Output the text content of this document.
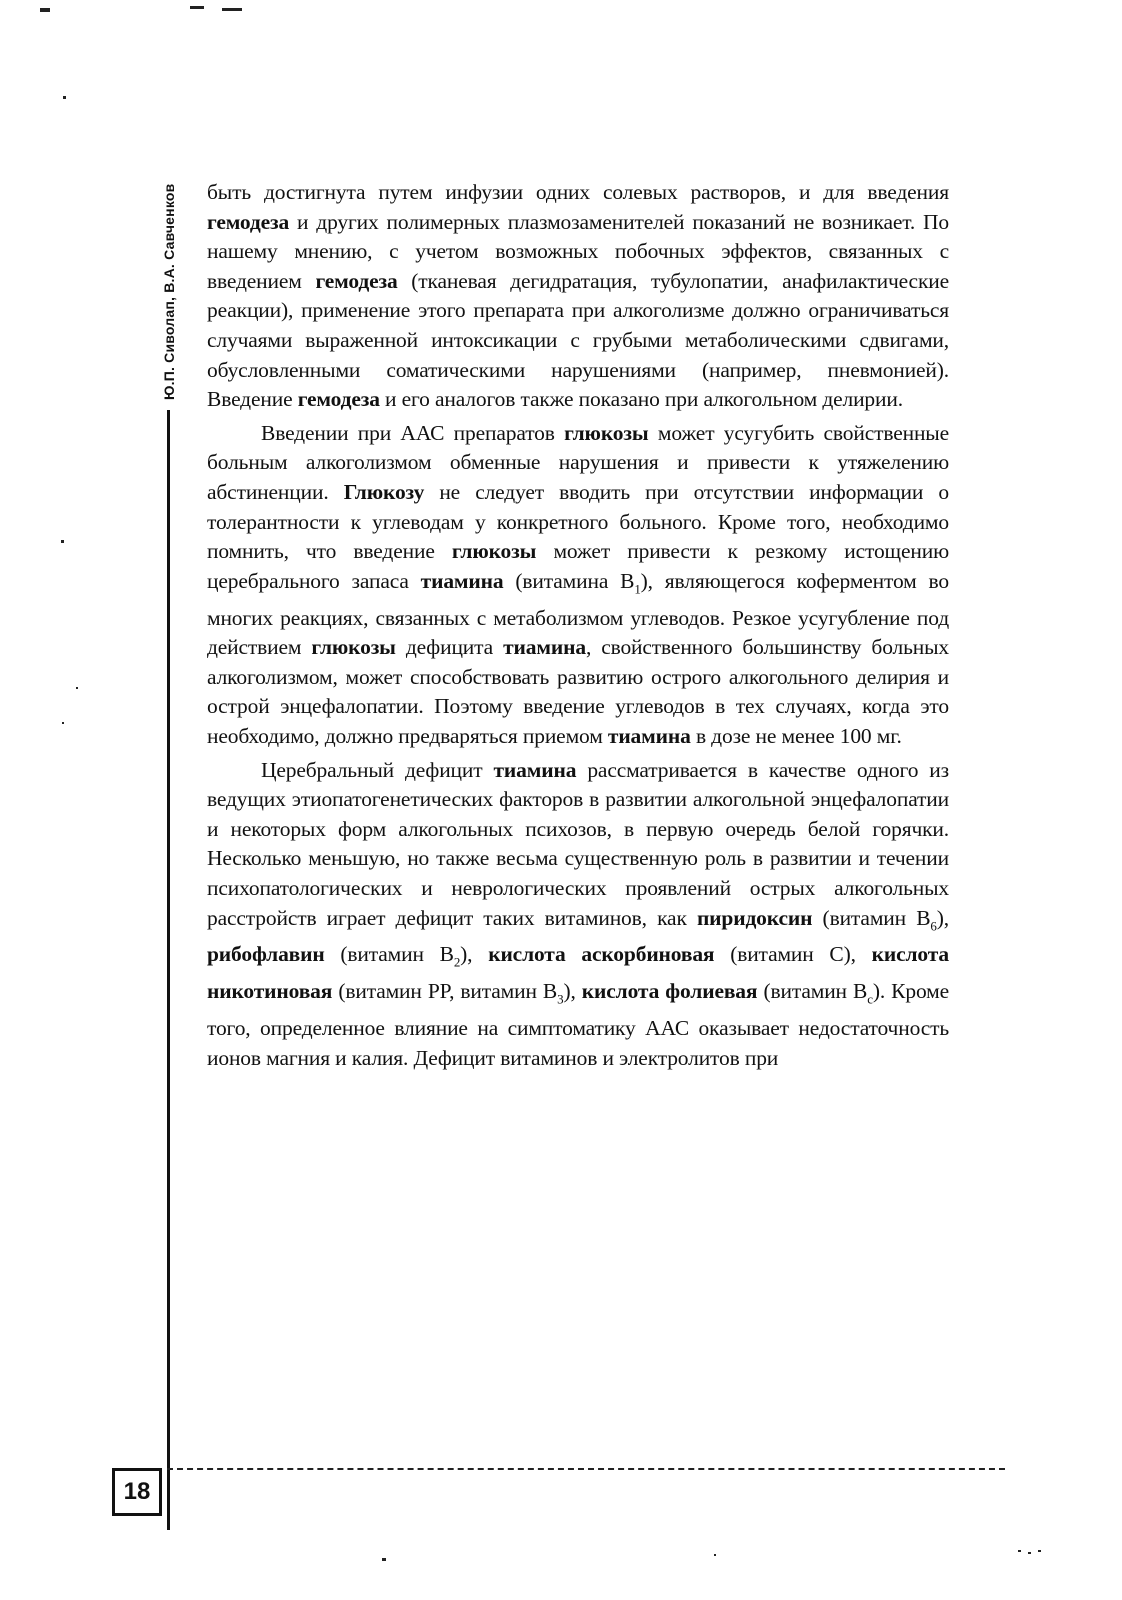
Ю.П. Сиволап, В.А. Савченков быть достигнута путем инфузии одних солевых растворов, и для введения гемодеза и других полимерных плазмозаменителей показаний не возникает. По нашему мнению, с учетом возможных побочных эффектов, связанных с введением гемодеза (тканевая дегидратация, тубулопатии, анафилактические реакции), применение этого препарата при алкоголизме должно ограничиваться случаями выраженной интоксикации с грубыми метаболическими сдвигами, обусловленными соматическими нарушениями (например, пневмонией). Введение гемодеза и его аналогов также показано при алкогольном делирии.

Введении при ААС препаратов глюкозы может усугубить свойственные больным алкоголизмом обменные нарушения и привести к утяжелению абстиненции. Глюкозу не следует вводить при отсутствии информации о толерантности к углеводам у конкретного больного. Кроме того, необходимо помнить, что введение глюкозы может привести к резкому истощению церебрального запаса тиамина (витамина $B_1$), являющегося коферментом во многих реакциях, связанных с метаболизмом углеводов. Резкое усугубление под действием глюкозы дефицита тиамина, свойственного большинству больных алкоголизмом, может способствовать развитию острого алкогольного делирия и острой энцефалопатии. Поэтому введение углеводов в тех случаях, когда это необходимо, должно предваряться приемом тиамина в дозе не менее 100 мг.

Церебральный дефицит тиамина рассматривается в качестве одного из ведущих этиопатогенетических факторов в развитии алкогольной энцефалопатии и некоторых форм алкогольных психозов, в первую очередь белой горячки. Несколько меньшую, но также весьма существенную роль в развитии и течении психопатологических и неврологических проявлений острых алкогольных расстройств играет дефицит таких витаминов, как пиридоксин (витамин $B_6$), рибофлавин (витамин $B_2$), кислота аскорбиновая (витамин C), кислота никотиновая (витамин PP, витамин $B_3$), кислота фолиевая (витамин $B_c$). Кроме того, определенное влияние на симптоматику ААС оказывает недостаточность ионов магния и калия. Дефицит витаминов и электролитов при

18
